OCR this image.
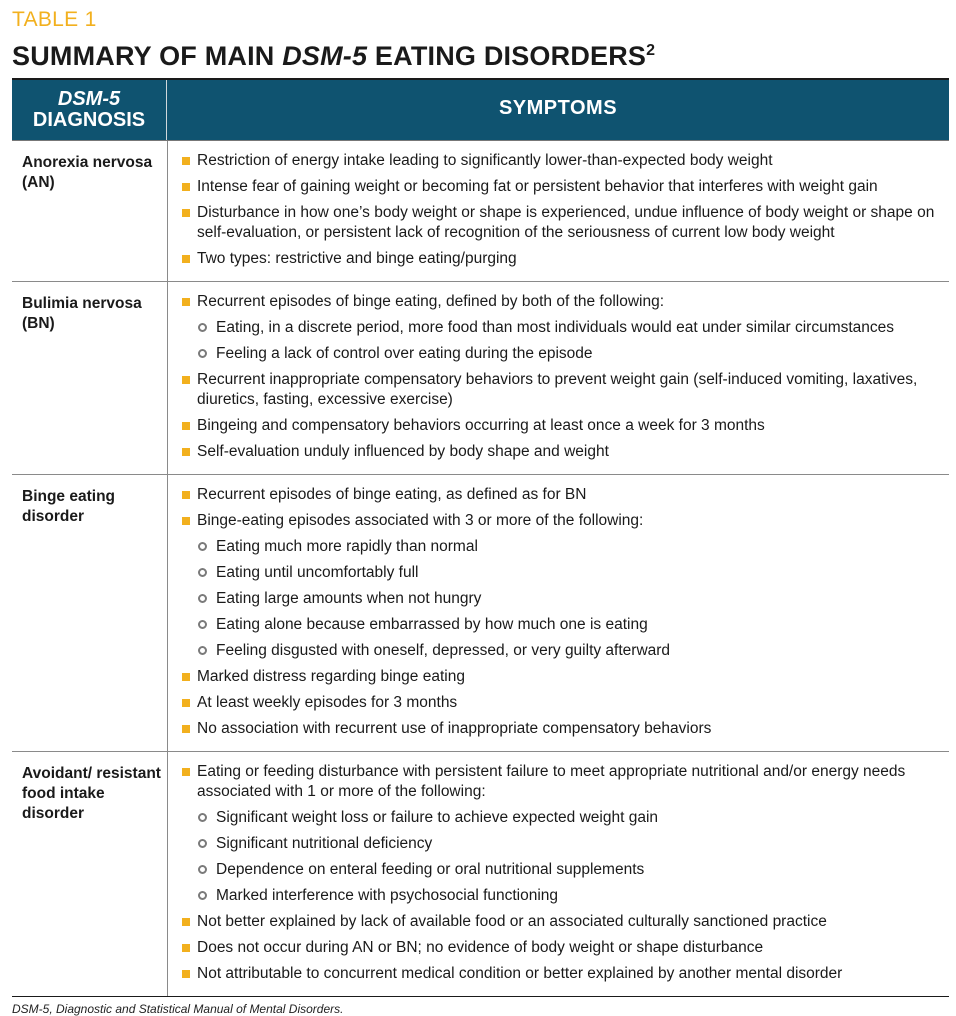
TABLE 1
SUMMARY OF MAIN DSM-5 EATING DISORDERS$^2$
DSM-5
DIAGNOSIS
SYMPTOMS
Anorexia nervosa (AN)
Restriction of energy intake leading to significantly lower-than-expected body weight
Intense fear of gaining weight or becoming fat or persistent behavior that interferes with weight gain
Disturbance in how one’s body weight or shape is experienced, undue influence of body weight or shape on self-evaluation, or persistent lack of recognition of the seriousness of current low body weight
Two types: restrictive and binge eating/purging
Bulimia nervosa (BN)
Recurrent episodes of binge eating, defined by both of the following:
Eating, in a discrete period, more food than most individuals would eat under similar circumstances
Feeling a lack of control over eating during the episode
Recurrent inappropriate compensatory behaviors to prevent weight gain (self-induced vomiting, laxatives, diuretics, fasting, excessive exercise)
Bingeing and compensatory behaviors occurring at least once a week for 3 months
Self-evaluation unduly influenced by body shape and weight
Binge eating disorder
Recurrent episodes of binge eating, as defined as for BN
Binge-eating episodes associated with 3 or more of the following:
Eating much more rapidly than normal
Eating until uncomfortably full
Eating large amounts when not hungry
Eating alone because embarrassed by how much one is eating
Feeling disgusted with oneself, depressed, or very guilty afterward
Marked distress regarding binge eating
At least weekly episodes for 3 months
No association with recurrent use of inappropriate compensatory behaviors
Avoidant/ resistant food intake disorder
Eating or feeding disturbance with persistent failure to meet appropriate nutritional and/or energy needs associated with 1 or more of the following:
Significant weight loss or failure to achieve expected weight gain
Significant nutritional deficiency
Dependence on enteral feeding or oral nutritional supplements
Marked interference with psychosocial functioning
Not better explained by lack of available food or an associated culturally sanctioned practice
Does not occur during AN or BN; no evidence of body weight or shape disturbance
Not attributable to concurrent medical condition or better explained by another mental disorder
DSM-5, Diagnostic and Statistical Manual of Mental Disorders.
